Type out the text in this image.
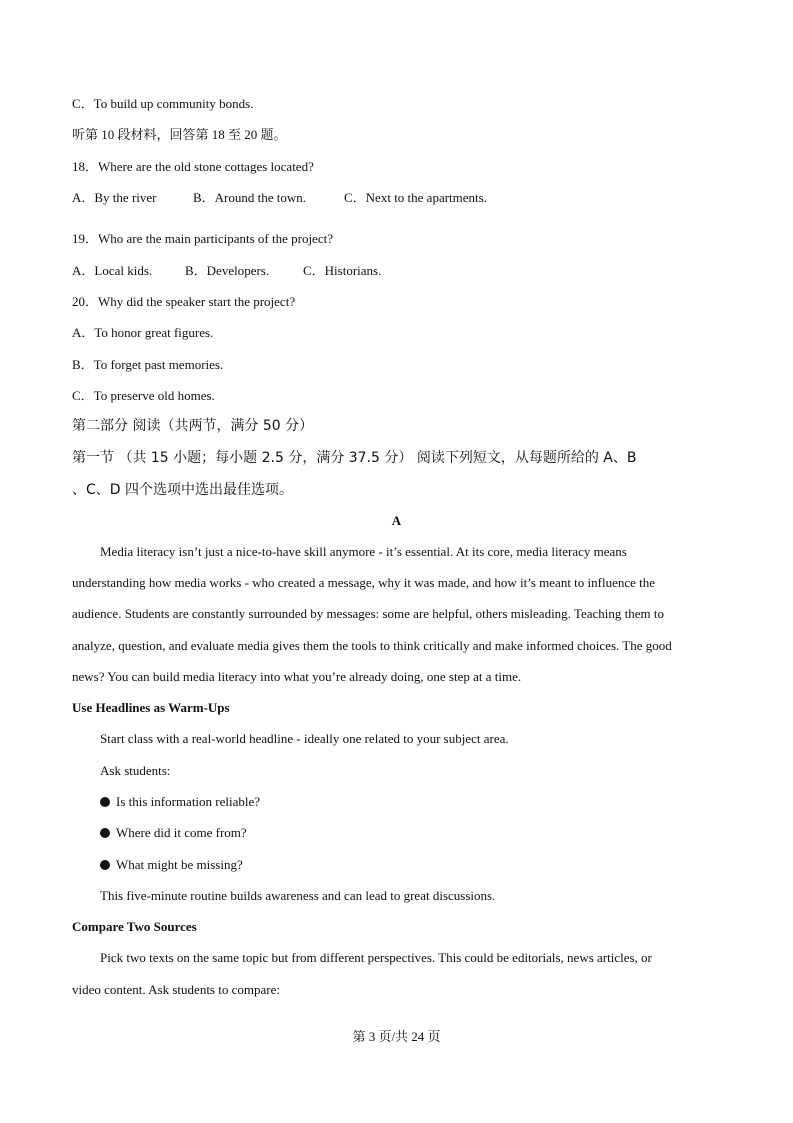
C．To build up community bonds.
听第 10 段材料，回答第 18 至 20 题。
18．Where are the old stone cottages located?
A．By the river	B．Around the town.	C．Next to the apartments.
19．Who are the main participants of the project?
A．Local kids.	B．Developers.	C．Historians.
20．Why did the speaker start the project?
A．To honor great figures.
B．To forget past memories.
C．To preserve old homes.
第二部分 阅读（共两节，满分 50 分）
第一节 （共 15 小题；每小题 2.5 分，满分 37.5 分） 阅读下列短文，从每题所给的 A、B
、C、D 四个选项中选出最佳选项。
A
Media literacy isn’t just a nice-to-have skill anymore - it’s essential. At its core, media literacy means
understanding how media works - who created a message, why it was made, and how it’s meant to influence the
audience. Students are constantly surrounded by messages: some are helpful, others misleading. Teaching them to
analyze, question, and evaluate media gives them the tools to think critically and make informed choices. The good
news? You can build media literacy into what you’re already doing, one step at a time.
Use Headlines as Warm-Ups
Start class with a real-world headline - ideally one related to your subject area.
Ask students:
Is this information reliable?
Where did it come from?
What might be missing?
This five-minute routine builds awareness and can lead to great discussions.
Compare Two Sources
Pick two texts on the same topic but from different perspectives. This could be editorials, news articles, or
video content. Ask students to compare:
第 3 页/共 24 页
